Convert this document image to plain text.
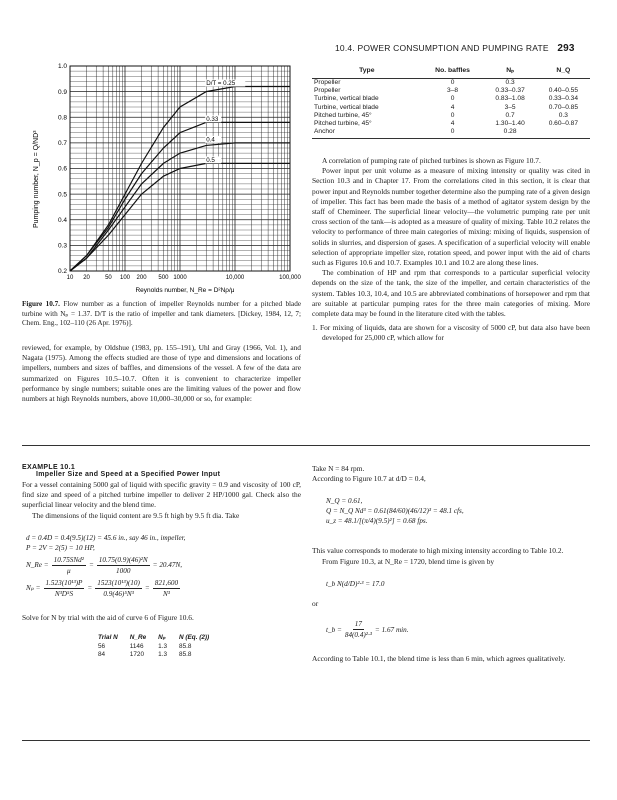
10.4. POWER CONSUMPTION AND PUMPING RATE 293
D/T = 0.25
0.33
0.4
0.5
1.0
0.9
0.8
0.7
0.6
0.5
0.4
0.3
0.2
10 20	50 100 200 500 1000	10,000	100,000
Pumping number, N_p = Q/ND³
Reynolds number, N_Re = D²Nρ/μ
Figure 10.7. Flow number as a function of impeller Reynolds number for a pitched blade turbine with Nₚ = 1.37. D/T is the ratio of impeller and tank diameters. [Dickey, 1984, 12, 7; Chem. Eng., 102–110 (26 Apr. 1976)].

reviewed, for example, by Oldshue (1983, pp. 155–191), Uhl and Gray (1966, Vol. 1), and Nagata (1975). Among the effects studied are those of type and dimensions and locations of impellers, numbers and sizes of baffles, and dimensions of the vessel. A few of the data are summarized on Figures 10.5–10.7. Often it is convenient to characterize impeller performance by single numbers; suitable ones are the limiting values of the power and flow numbers at high Reynolds numbers, above 10,000–30,000 or so, for example:

Type	No. baffles	Nₚ	N_Q
Propeller	0	0.3	
Propeller	3–8	0.33–0.37	0.40–0.55
Turbine, vertical blade	0	0.83–1.08	0.33–0.34
Turbine, vertical blade	4	3–5	0.70–0.85
Pitched turbine, 45°	0	0.7	0.3
Pitched turbine, 45°	4	1.30–1.40	0.60–0.87
Anchor	0	0.28	

A correlation of pumping rate of pitched turbines is shown as Figure 10.7.

Power input per unit volume as a measure of mixing intensity or quality was cited in Section 10.3 and in Chapter 17. From the correlations cited in this section, it is clear that power input and Reynolds number together determine also the pumping rate of a given design of impeller. This fact has been made the basis of a method of agitator system design by the staff of Chemineer. The superficial linear velocity—the volumetric pumping rate per unit cross section of the tank—is adopted as a measure of quality of mixing. Table 10.2 relates the velocity to performance of three main categories of mixing: mixing of liquids, suspension of solids in slurries, and dispersion of gases. A specification of a superficial velocity will enable selection of appropriate impeller size, rotation speed, and power input with the aid of charts such as Figures 10.6 and 10.7. Examples 10.1 and 10.2 are along these lines.

The combination of HP and rpm that corresponds to a particular superficial velocity depends on the size of the tank, the size of the impeller, and certain characteristics of the system. Tables 10.3, 10.4, and 10.5 are abbreviated combinations of horsepower and rpm that are suitable at particular pumping rates for the three main categories of mixing. More complete data may be found in the literature cited with the tables.

1. For mixing of liquids, data are shown for a viscosity of 5000 cP, but data also have been developed for 25,000 cP, which allow for

EXAMPLE 10.1
Impeller Size and Speed at a Specified Power Input

For a vessel containing 5000 gal of liquid with specific gravity = 0.9 and viscosity of 100 cP, find size and speed of a pitched turbine impeller to deliver 2 HP/1000 gal. Check also the superficial linear velocity and the blend time.

The dimensions of the liquid content are 9.5 ft high by 9.5 ft dia. Take

d = 0.4D = 0.4(9.5)(12) = 45.6 in., say 46 in., impeller,
P = 2V = 2(5) = 10 HP,
N_Re =
10.75SNd²
μ
= $\frac{\text{10.75(0.9)(46)²N}}{1000} = 20.47N$,
$N_p = \frac{\text{1.523(10¹³)P}}{\text{N³D⁵S}} = \frac{\text{1523(10¹³)(10)}}{\text{0.9(46)⁵N³}} = \frac{821,600}{\text{N³}}$

Solve for N by trial with the aid of curve 6 of Figure 10.6.

Trial N	N_Re	Nₚ	N (Eq. (2))
56	1146	1.3	85.8
84	1720	1.3	85.8

Take N = 84 rpm.

According to Figure 10.7 at d/D = 0.4,

N_Q = 0.61,
Q = N_Q Nd³ = 0.61(84/60)(46/12)³ = 48.1 cfs,
u_z = 48.1/[(π/4)(9.5)²] = 0.68 fps.

This value corresponds to moderate to high mixing intensity according to Table 10.2.

From Figure 10.3, at N_Re = 1720, blend time is given by

t_b N(d/D)²·³ = 17.0

or

t_b = $\frac{17}{\text{84(0.4)²·³}} = 1.67$ min.

According to Table 10.1, the blend time is less than 6 min, which agrees qualitatively.
